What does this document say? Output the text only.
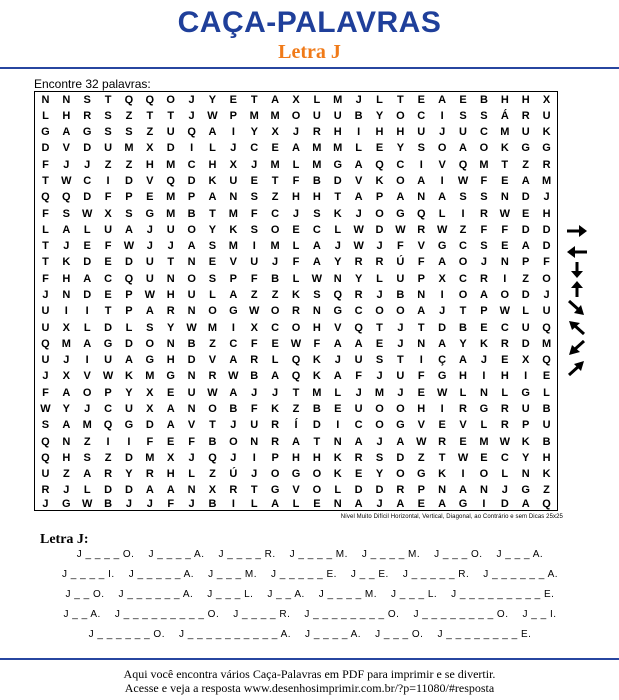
CAÇA-PALAVRAS
Letra J
Encontre 32 palavras:
N	N	S	T	Q	Q	O	J	Y	E	T	A	X	L	M	J	L	T	E	A	E	B	H	H	X
L	H	R	S	Z	T	T	J	W	P	M	M	O	U	U	B	Y	O	C	I	S	S	Á	R	U
G	A	G	S	S	Z	U	Q	A	I	Y	X	J	R	H	I	H	H	U	J	U	C	M	U	K
D	V	D	U	M	X	D	I	L	J	C	E	A	M	M	L	E	Y	S	O	A	O	K	G	G
F	J	J	Z	Z	H	M	C	H	X	J	M	L	M	G	A	Q	C	I	V	Q	M	T	Z	R
T	W	C	I	D	V	Q	D	K	U	E	T	F	B	D	V	K	O	A	I	W	F	E	A	M
Q	Q	D	F	P	E	M	P	A	N	S	Z	H	H	T	A	P	A	N	A	S	S	N	D	J
F	S	W	X	S	G	M	B	T	M	F	C	J	S	K	J	O	G	Q	L	I	R	W	E	H
L	A	L	U	A	J	U	O	Y	K	S	O	E	C	L	W	D	W	R	W	Z	F	F	D	D
T	J	E	F	W	J	J	A	S	M	I	M	L	A	J	W	J	F	V	G	C	S	E	A	D
T	K	D	E	D	U	T	N	E	V	U	J	F	A	Y	R	R	Ú	F	A	O	J	N	P	F
F	H	A	C	Q	U	N	O	S	P	F	B	L	W	N	Y	L	U	P	X	C	R	I	Z	O
J	N	D	E	P	W	H	U	L	A	Z	Z	K	S	Q	R	J	B	N	I	O	A	O	D	J
U	I	I	T	P	A	R	N	O	G	W	O	R	N	G	C	O	O	A	J	T	P	W	L	U
U	X	L	D	L	S	Y	W	M	I	X	C	O	H	V	Q	T	J	T	D	B	E	C	U	Q
Q	M	A	G	D	O	N	B	Z	C	F	E	W	F	A	A	E	J	N	A	Y	K	R	D	M
U	J	I	U	A	G	H	D	V	A	R	L	Q	K	J	U	S	T	I	Ç	A	J	E	X	Q
J	X	V	W	K	M	G	N	R	W	B	A	Q	K	A	F	J	U	F	G	H	I	H	I	E
F	A	O	P	Y	X	E	U	W	A	J	J	T	M	L	J	M	J	E	W	L	N	L	G	L
W	Y	J	C	U	X	A	N	O	B	F	K	Z	B	E	U	O	O	H	I	R	G	R	U	B
S	A	M	Q	G	D	A	V	T	J	U	R	Í	D	I	C	O	G	V	E	V	L	R	P	U
Q	N	Z	I	I	F	E	F	B	O	N	R	A	T	N	A	J	A	W	R	E	M	W	K	B
Q	H	S	Z	D	M	X	J	Q	J	I	P	H	H	K	R	S	D	Z	T	W	E	C	Y	H
U	Z	A	R	Y	R	H	L	Z	Ú	J	O	G	O	K	E	Y	O	G	K	I	O	L	N	K
R	J	L	D	D	A	A	N	X	R	T	G	V	O	L	D	D	R	P	N	A	N	J	G	Z
J	G	W	B	J	J	F	J	B	I	L	A	L	E	N	A	J	A	E	A	G	I	D	A	Q
Nível Muito Difícil Horizontal, Vertical, Diagonal, ao Contrário e sem Dicas 25x25
Letra J:
J _ _ _ _ O. J _ _ _ _ A. J _ _ _ _ R. J _ _ _ _ M. J _ _ _ _ M. J _ _ _ O. J _ _ _ A.
J _ _ _ _ I. J _ _ _ _ _ A. J _ _ _ M. J _ _ _ _ _ E. J _ _ E. J _ _ _ _ _ R. J _ _ _ _ _ _ A.
J _ _ O. J _ _ _ _ _ _ A. J _ _ _ L. J _ _ A. J _ _ _ _ M. J _ _ _ L. J _ _ _ _ _ _ _ _ _ E.
J _ _ A. J _ _ _ _ _ _ _ _ _ O. J _ _ _ _ R. J _ _ _ _ _ _ _ _ O. J _ _ _ _ _ _ _ _ O. J _ _ I.
J _ _ _ _ _ _ O. J _ _ _ _ _ _ _ _ _ _ A. J _ _ _ _ A. J _ _ _ O. J _ _ _ _ _ _ _ _ E.
Aqui você encontra vários Caça-Palavras em PDF para imprimir e se divertir.
Acesse e veja a resposta www.desenhosimprimir.com.br/?p=11080/#resposta
